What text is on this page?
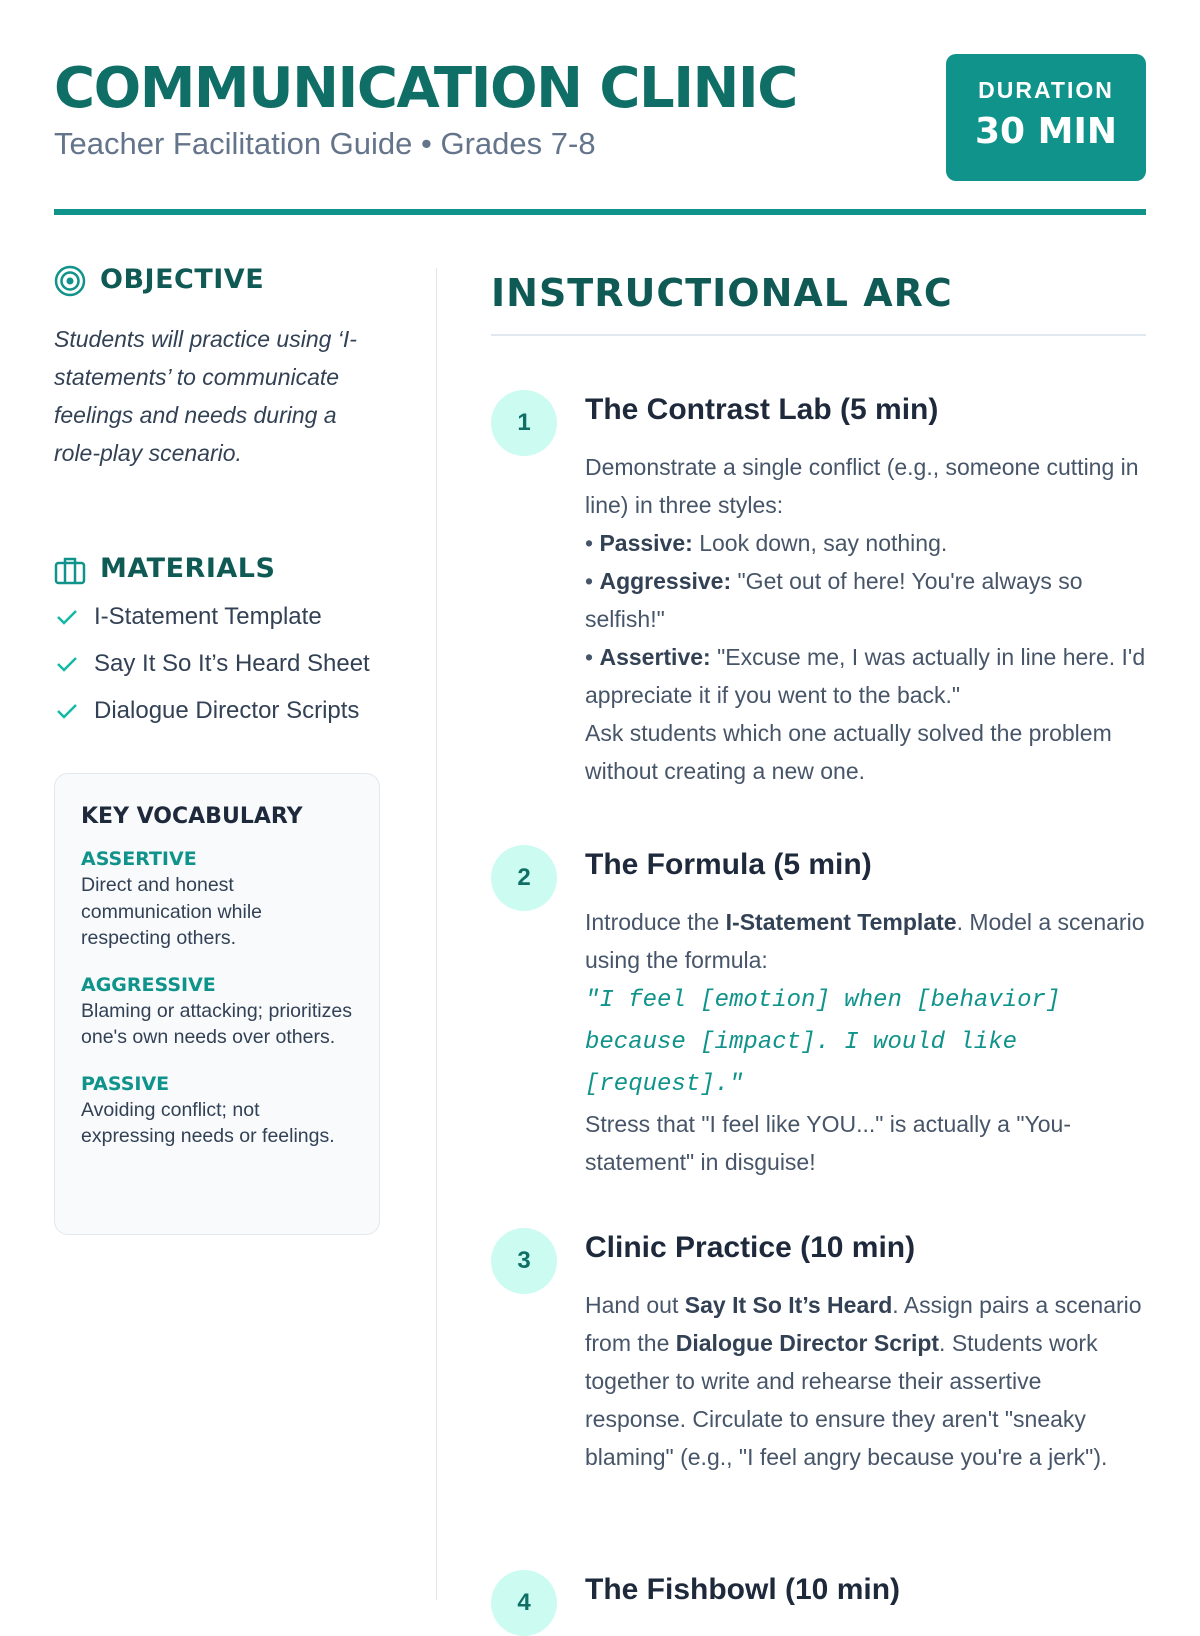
COMMUNICATION CLINIC
Teacher Facilitation Guide • Grades 7-8
DURATION
30 MIN
OBJECTIVE
Students will practice using ‘I-statements’ to communicate feelings and needs during a role-play scenario.
MATERIALS
I-Statement Template
Say It So It’s Heard Sheet
Dialogue Director Scripts
KEY VOCABULARY
ASSERTIVE
Direct and honest communication while respecting others.
AGGRESSIVE
Blaming or attacking; prioritizes one's own needs over others.
PASSIVE
Avoiding conflict; not expressing needs or feelings.
INSTRUCTIONAL ARC
1	The Contrast Lab (5 min)
Demonstrate a single conflict (e.g., someone cutting in line) in three styles:
• Passive: Look down, say nothing.
• Aggressive: "Get out of here! You're always so selfish!"
• Assertive: "Excuse me, I was actually in line here. I'd appreciate it if you went to the back."
Ask students which one actually solved the problem without creating a new one.
2	The Formula (5 min)
Introduce the I-Statement Template. Model a scenario using the formula:
"I feel [emotion] when [behavior] because [impact]. I would like [request]."
Stress that "I feel like YOU..." is actually a "You-statement" in disguise!
3	Clinic Practice (10 min)
Hand out Say It So It’s Heard. Assign pairs a scenario from the Dialogue Director Script. Students work together to write and rehearse their assertive response. Circulate to ensure they aren't "sneaky blaming" (e.g., "I feel angry because you're a jerk").
4	The Fishbowl (10 min)
